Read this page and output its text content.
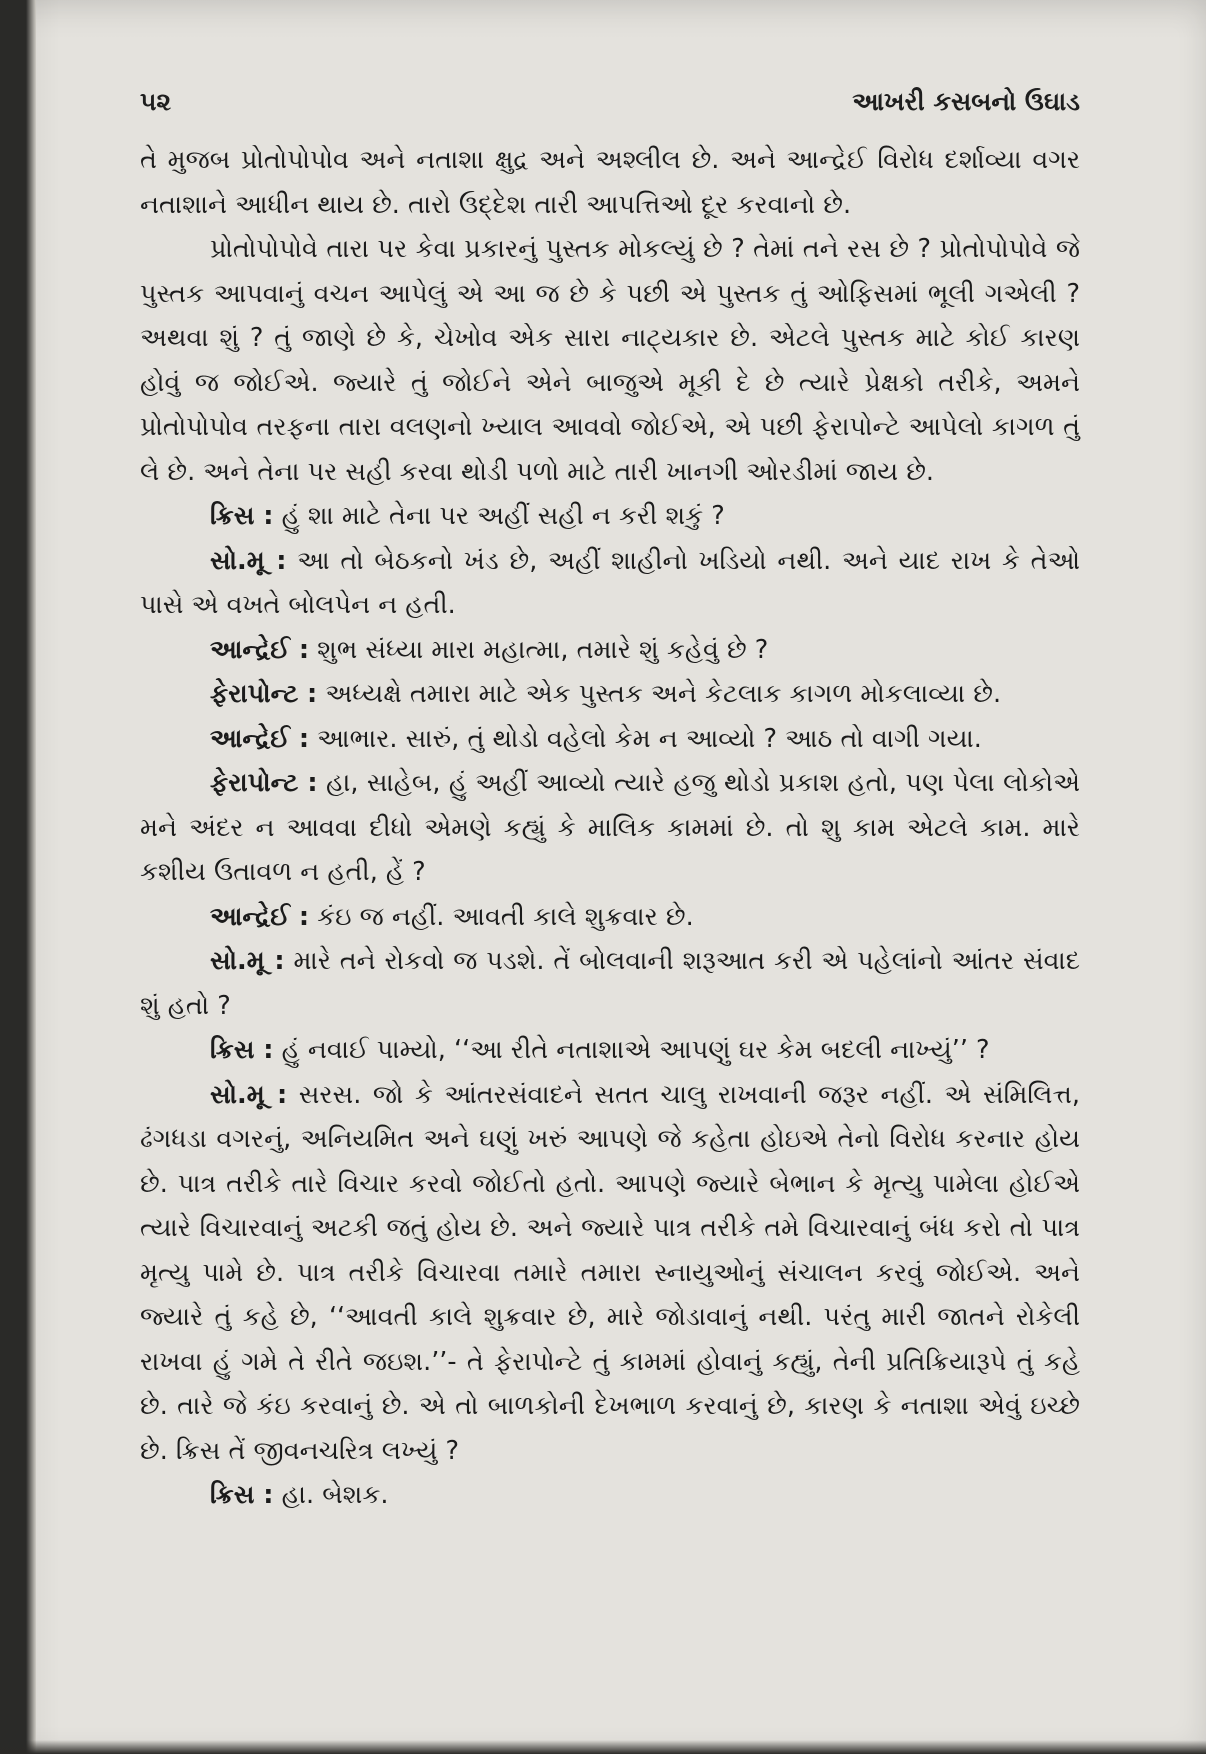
૫૨	આખરી કસબનો ઉઘાડ

તે મુજબ પ્રોતોપોપોવ અને નતાશા ક્ષુદ્ર અને અશ્લીલ છે. અને આન્દ્રેઈ વિરોધ દર્શાવ્યા વગર નતાશાને આધીન થાય છે. તારો ઉદ્દેશ તારી આપત્તિઓ દૂર કરવાનો છે.

પ્રોતોપોપોવે તારા પર કેવા પ્રકારનું પુસ્તક મોકલ્યું છે ? તેમાં તને રસ છે ? પ્રોતોપોપોવે જે પુસ્તક આપવાનું વચન આપેલું એ આ જ છે કે પછી એ પુસ્તક તું ઓફિસમાં ભૂલી ગએલી ? અથવા શું ? તું જાણે છે કે, ચેખોવ એક સારા નાટ્યકાર છે. એટલે પુસ્તક માટે કોઈ કારણ હોવું જ જોઈએ. જ્યારે તું જોઈને એને બાજુએ મૂકી દે છે ત્યારે પ્રેક્ષકો તરીકે, અમને પ્રોતોપોપોવ તરફના તારા વલણનો ખ્યાલ આવવો જોઈએ, એ પછી ફેરાપોન્ટે આપેલો કાગળ તું લે છે. અને તેના પર સહી કરવા થોડી પળો માટે તારી ખાનગી ઓરડીમાં જાય છે.

ક્રિસ : હું શા માટે તેના પર અહીં સહી ન કરી શકું ?

સો.મૂ : આ તો બેઠકનો ખંડ છે, અહીં શાહીનો ખડિયો નથી. અને યાદ રાખ કે તેઓ પાસે એ વખતે બોલપેન ન હતી.

આન્દ્રેઈ : શુભ સંધ્યા મારા મહાત્મા, તમારે શું કહેવું છે ?

ફેરાપોન્ટ : અધ્યક્ષે તમારા માટે એક પુસ્તક અને કેટલાક કાગળ મોકલાવ્યા છે.

આન્દ્રેઈ : આભાર. સારું, તું થોડો વહેલો કેમ ન આવ્યો ? આઠ તો વાગી ગયા.

ફેરાપોન્ટ : હા, સાહેબ, હું અહીં આવ્યો ત્યારે હજુ થોડો પ્રકાશ હતો, પણ પેલા લોકોએ મને અંદર ન આવવા દીધો એમણે કહ્યું કે માલિક કામમાં છે. તો શુ કામ એટલે કામ. મારે કશીય ઉતાવળ ન હતી, હેં ?

આન્દ્રેઈ : કંઇ જ નહીં. આવતી કાલે શુક્રવાર છે.

સો.મૂ : મારે તને રોકવો જ પડશે. તેં બોલવાની શરૂઆત કરી એ પહેલાંનો આંતર સંવાદ શું હતો ?

ક્રિસ : હું નવાઈ પામ્યો, ‘‘આ રીતે નતાશાએ આપણું ઘર કેમ બદલી નાખ્યું’’ ?

સો.મૂ : સરસ. જો કે આંતરસંવાદને સતત ચાલુ રાખવાની જરૂર નહીં. એ સંમિલિત્ત, ઢંગધડા વગરનું, અનિયમિત અને ઘણું ખરું આપણે જે કહેતા હોઇએ તેનો વિરોધ કરનાર હોય છે. પાત્ર તરીકે તારે વિચાર કરવો જોઈતો હતો. આપણે જ્યારે બેભાન કે મૃત્યુ પામેલા હોઈએ ત્યારે વિચારવાનું અટકી જતું હોય છે. અને જ્યારે પાત્ર તરીકે તમે વિચારવાનું બંધ કરો તો પાત્ર મૃત્યુ પામે છે. પાત્ર તરીકે વિચારવા તમારે તમારા સ્નાયુઓનું સંચાલન કરવું જોઈએ. અને જ્યારે તું કહે છે, ‘‘આવતી કાલે શુક્રવાર છે, મારે જોડાવાનું નથી. પરંતુ મારી જાતને રોકેલી રાખવા હું ગમે તે રીતે જઇશ.’’- તે ફેરાપોન્ટે તું કામમાં હોવાનું કહ્યું, તેની પ્રતિક્રિયારૂપે તું કહે છે. તારે જે કંઇ કરવાનું છે. એ તો બાળકોની દેખભાળ કરવાનું છે, કારણ કે નતાશા એવું ઇચ્છે છે. ક્રિસ તેં જીવનચરિત્ર લખ્યું ?

ક્રિસ : હા. બેશક.
